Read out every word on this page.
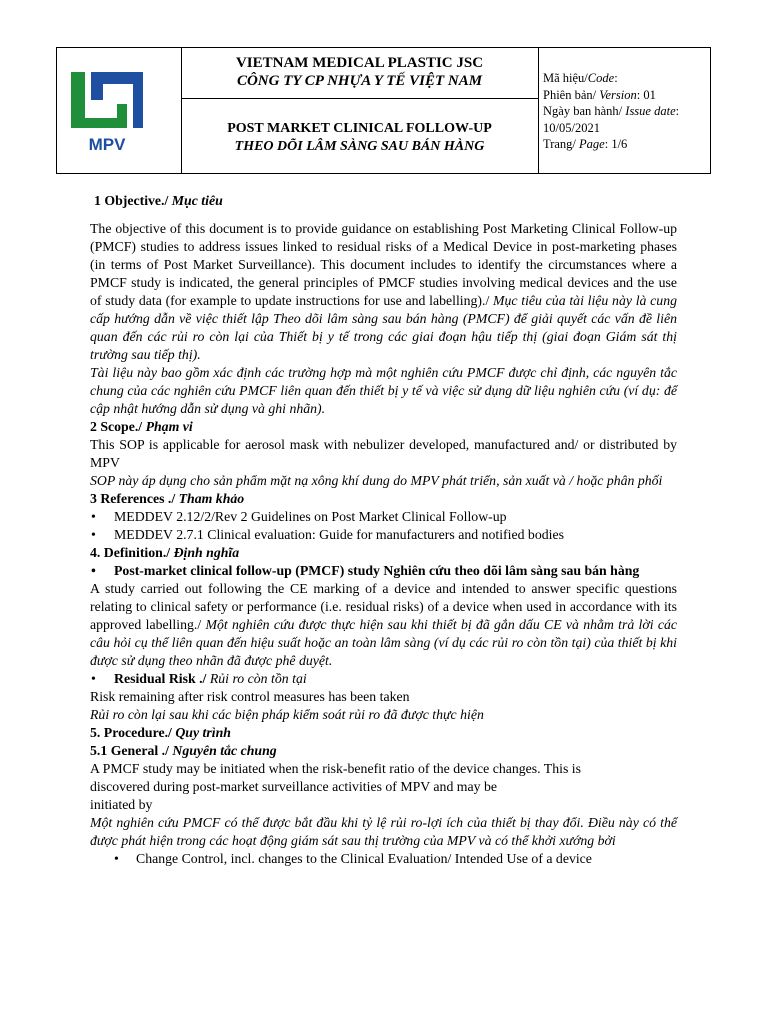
MPV
VIETNAM MEDICAL PLASTIC JSC
CÔNG TY CP NHỰA Y TẾ VIỆT NAM
POST MARKET CLINICAL FOLLOW-UP
THEO DÕI LÂM SÀNG SAU BÁN HÀNG
Mã hiệu/Code:
Phiên bản/ Version: 01
Ngày ban hành/ Issue date:
10/05/2021
Trang/ Page: 1/6

1 Objective./ Mục tiêu

The objective of this document is to provide guidance on establishing Post Marketing Clinical Follow-up (PMCF) studies to address issues linked to residual risks of a Medical Device in post-marketing phases (in terms of Post Market Surveillance). This document includes to identify the circumstances where a PMCF study is indicated, the general principles of PMCF studies involving medical devices and the use of study data (for example to update instructions for use and labelling)./ Mục tiêu của tài liệu này là cung cấp hướng dẫn về việc thiết lập Theo dõi lâm sàng sau bán hàng (PMCF) để giải quyết các vấn đề liên quan đến các rủi ro còn lại của Thiết bị y tế trong các giai đoạn hậu tiếp thị (giai đoạn Giám sát thị trường sau tiếp thị).

Tài liệu này bao gồm xác định các trường hợp mà một nghiên cứu PMCF được chỉ định, các nguyên tắc chung của các nghiên cứu PMCF liên quan đến thiết bị y tế và việc sử dụng dữ liệu nghiên cứu (ví dụ: để cập nhật hướng dẫn sử dụng và ghi nhãn).

2 Scope./ Phạm vi

This SOP is applicable for aerosol mask with nebulizer developed, manufactured and/ or distributed by MPV

SOP này áp dụng cho sản phẩm mặt nạ xông khí dung do MPV phát triển, sản xuất và / hoặc phân phối

3 References ./ Tham khảo

• MEDDEV 2.12/2/Rev 2 Guidelines on Post Market Clinical Follow-up
• MEDDEV 2.7.1 Clinical evaluation: Guide for manufacturers and notified bodies

4. Definition./ Định nghĩa

• Post-market clinical follow-up (PMCF) study Nghiên cứu theo dõi lâm sàng sau bán hàng

A study carried out following the CE marking of a device and intended to answer specific questions relating to clinical safety or performance (i.e. residual risks) of a device when used in accordance with its approved labelling./ Một nghiên cứu được thực hiện sau khi thiết bị đã gắn dấu CE và nhằm trả lời các câu hỏi cụ thể liên quan đến hiệu suất hoặc an toàn lâm sàng (ví dụ các rủi ro còn tồn tại) của thiết bị khi được sử dụng theo nhãn đã được phê duyệt.

• Residual Risk ./ Rủi ro còn tồn tại

Risk remaining after risk control measures has been taken

Rủi ro còn lại sau khi các biện pháp kiểm soát rủi ro đã được thực hiện

5. Procedure./ Quy trình

5.1 General ./ Nguyên tắc chung

A PMCF study may be initiated when the risk-benefit ratio of the device changes. This is

discovered during post-market surveillance activities of MPV and may be

initiated by

Một nghiên cứu PMCF có thể được bắt đầu khi tỷ lệ rủi ro-lợi ích của thiết bị thay đổi. Điều này có thể được phát hiện trong các hoạt động giám sát sau thị trường của MPV và có thể khởi xướng bởi

• Change Control, incl. changes to the Clinical Evaluation/ Intended Use of a device
